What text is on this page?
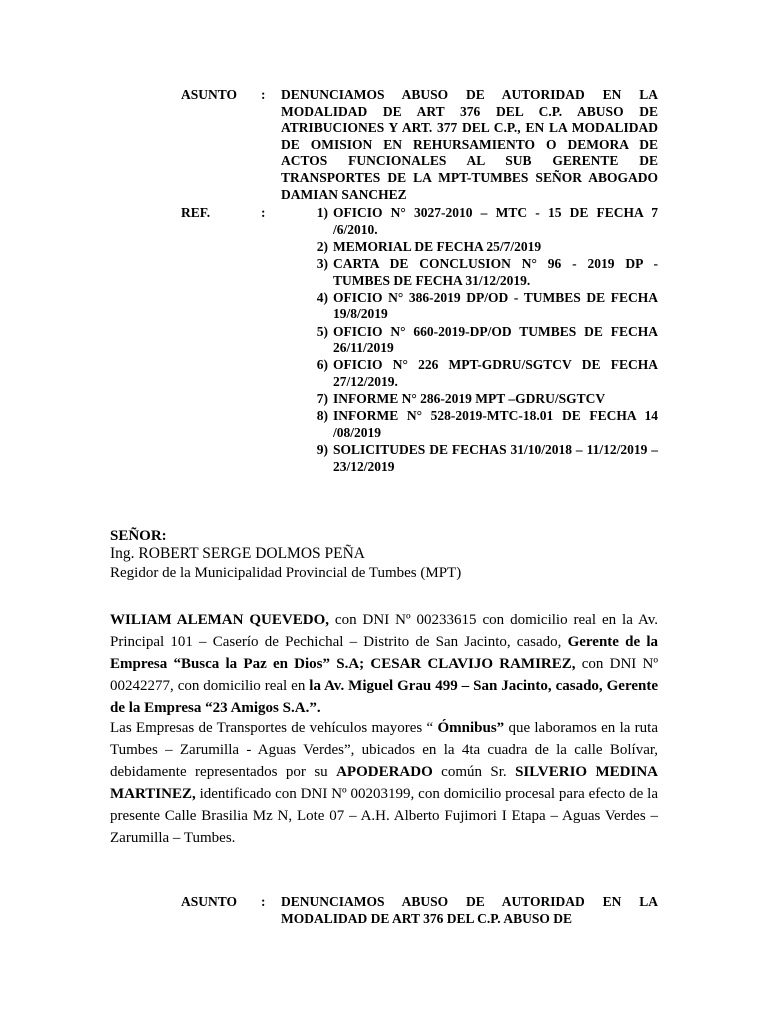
ASUNTO	:	DENUNCIAMOS ABUSO DE AUTORIDAD EN LA MODALIDAD DE ART 376 DEL C.P. ABUSO DE ATRIBUCIONES Y ART. 377 DEL C.P., EN LA MODALIDAD DE OMISION EN REHURSAMIENTO O DEMORA DE ACTOS FUNCIONALES AL SUB GERENTE DE TRANSPORTES DE LA MPT-TUMBES SEÑOR ABOGADO DAMIAN SANCHEZ
REF.	:	1) OFICIO N° 3027-2010 – MTC - 15 DE FECHA 7 /6/2010.
2) MEMORIAL DE FECHA 25/7/2019
3) CARTA DE CONCLUSION N° 96 - 2019 DP - TUMBES DE FECHA 31/12/2019.
4) OFICIO N° 386-2019 DP/OD - TUMBES DE FECHA 19/8/2019
5) OFICIO N° 660-2019-DP/OD TUMBES DE FECHA 26/11/2019
6) OFICIO N° 226 MPT-GDRU/SGTCV DE FECHA 27/12/2019.
7) INFORME N° 286-2019 MPT –GDRU/SGTCV
8) INFORME N° 528-2019-MTC-18.01 DE FECHA 14 /08/2019
9) SOLICITUDES DE FECHAS 31/10/2018 – 11/12/2019 – 23/12/2019
SEÑOR:
Ing. ROBERT SERGE DOLMOS PEÑA
Regidor de la Municipalidad Provincial de Tumbes (MPT)
WILIAM ALEMAN QUEVEDO, con DNI Nº 00233615 con domicilio real en la Av. Principal 101 – Caserío de Pechichal – Distrito de San Jacinto, casado, Gerente de la Empresa “Busca la Paz en Dios” S.A; CESAR CLAVIJO RAMIREZ, con DNI Nº 00242277, con domicilio real en la Av. Miguel Grau 499 – San Jacinto, casado, Gerente de la Empresa “23 Amigos S.A.”.
Las Empresas de Transportes de vehículos mayores “ Ómnibus” que laboramos en la ruta Tumbes – Zarumilla - Aguas Verdes”, ubicados en la 4ta cuadra de la calle Bolívar, debidamente representados por su APODERADO común Sr. SILVERIO MEDINA MARTINEZ, identificado con DNI Nº 00203199, con domicilio procesal para efecto de la presente Calle Brasilia Mz N, Lote 07 – A.H. Alberto Fujimori I Etapa – Aguas Verdes – Zarumilla – Tumbes.
ASUNTO	:	DENUNCIAMOS ABUSO DE AUTORIDAD EN LA MODALIDAD DE ART 376 DEL C.P. ABUSO DE
